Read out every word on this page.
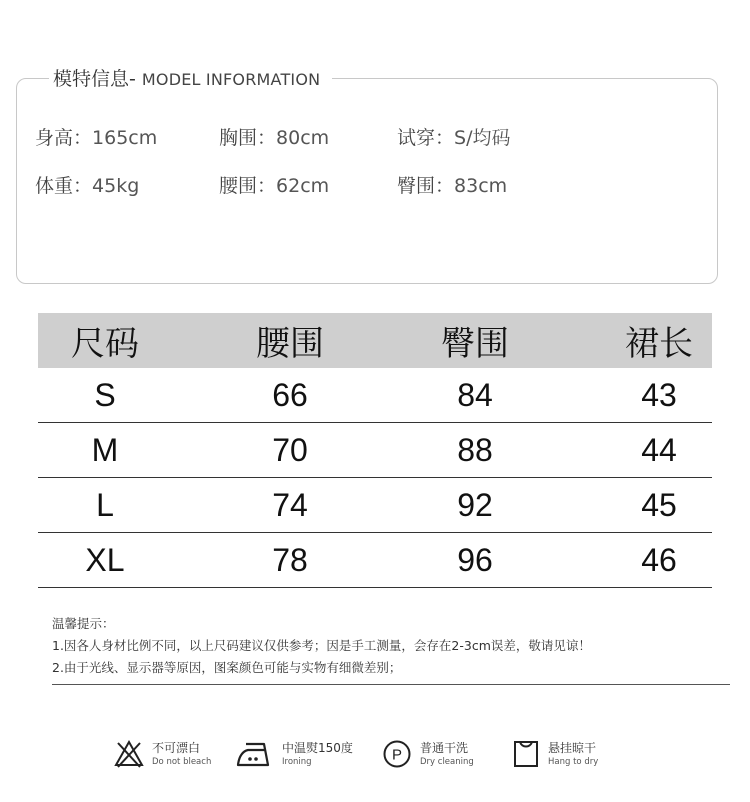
模特信息- MODEL INFORMATION
身高：165cm	胸围：80cm	试穿：S/均码
体重：45kg	腰围：62cm	臀围：83cm
尺码	腰围	臀围	裙长
S	66	84	43
M	70	88	44
L	74	92	45
XL	78	96	46
温馨提示：
1.因各人身材比例不同，以上尺码建议仅供参考；因是手工测量，会存在2-3cm误差，敬请见谅！
2.由于光线、显示器等原因，图案颜色可能与实物有细微差别；
不可漂白
Do not bleach
中温熨150度
Ironing	P 普通干洗
Dry cleaning
悬挂晾干
Hang to dry
